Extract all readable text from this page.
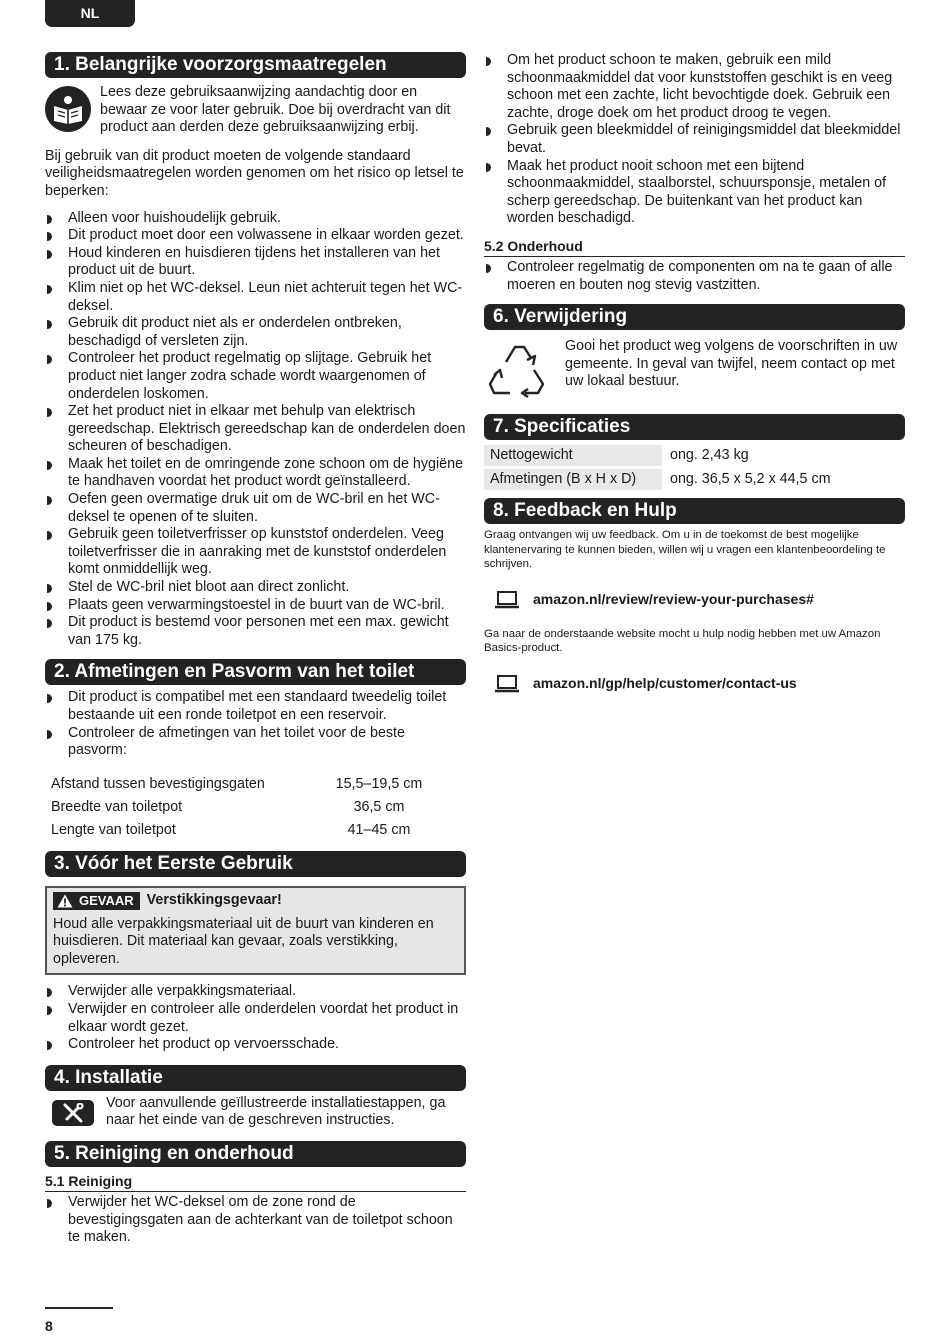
NL
1. Belangrijke voorzorgsmaatregelen
Lees deze gebruiksaanwijzing aandachtig door en bewaar ze voor later gebruik. Doe bij overdracht van dit product aan derden deze gebruiksaanwijzing erbij.
Bij gebruik van dit product moeten de volgende standaard veiligheidsmaatregelen worden genomen om het risico op letsel te beperken:
Alleen voor huishoudelijk gebruik.
Dit product moet door een volwassene in elkaar worden gezet.
Houd kinderen en huisdieren tijdens het installeren van het product uit de buurt.
Klim niet op het WC-deksel. Leun niet achteruit tegen het WC-deksel.
Gebruik dit product niet als er onderdelen ontbreken, beschadigd of versleten zijn.
Controleer het product regelmatig op slijtage. Gebruik het product niet langer zodra schade wordt waargenomen of onderdelen loskomen.
Zet het product niet in elkaar met behulp van elektrisch gereedschap. Elektrisch gereedschap kan de onderdelen doen scheuren of beschadigen.
Maak het toilet en de omringende zone schoon om de hygiëne te handhaven voordat het product wordt geïnstalleerd.
Oefen geen overmatige druk uit om de WC-bril en het WC-deksel te openen of te sluiten.
Gebruik geen toiletverfrisser op kunststof onderdelen. Veeg toiletverfrisser die in aanraking met de kunststof onderdelen komt onmiddellijk weg.
Stel de WC-bril niet bloot aan direct zonlicht.
Plaats geen verwarmingstoestel in de buurt van de WC-bril.
Dit product is bestemd voor personen met een max. gewicht van 175 kg.
2. Afmetingen en Pasvorm van het toilet
Dit product is compatibel met een standaard tweedelig toilet bestaande uit een ronde toiletpot en een reservoir.
Controleer de afmetingen van het toilet voor de beste pasvorm:
Afstand tussen bevestigingsgaten	15,5–19,5 cm
Breedte van toiletpot	36,5 cm
Lengte van toiletpot	41–45 cm
3. Vóór het Eerste Gebruik
GEVAAR Verstikkingsgevaar!
Houd alle verpakkingsmateriaal uit de buurt van kinderen en huisdieren. Dit materiaal kan gevaar, zoals verstikking, opleveren.
Verwijder alle verpakkingsmateriaal.
Verwijder en controleer alle onderdelen voordat het product in elkaar wordt gezet.
Controleer het product op vervoersschade.
4. Installatie
Voor aanvullende geïllustreerde installatiestappen, ga naar het einde van de geschreven instructies.
5. Reiniging en onderhoud
5.1 Reiniging
Verwijder het WC-deksel om de zone rond de bevestigingsgaten aan de achterkant van de toiletpot schoon te maken.
Om het product schoon te maken, gebruik een mild schoonmaakmiddel dat voor kunststoffen geschikt is en veeg schoon met een zachte, licht bevochtigde doek. Gebruik een zachte, droge doek om het product droog te vegen.
Gebruik geen bleekmiddel of reinigingsmiddel dat bleekmiddel bevat.
Maak het product nooit schoon met een bijtend schoonmaakmiddel, staalborstel, schuursponsje, metalen of scherp gereedschap. De buitenkant van het product kan worden beschadigd.
5.2 Onderhoud
Controleer regelmatig de componenten om na te gaan of alle moeren en bouten nog stevig vastzitten.
6. Verwijdering
Gooi het product weg volgens de voorschriften in uw gemeente. In geval van twijfel, neem contact op met uw lokaal bestuur.
7. Specificaties
Nettogewicht	ong. 2,43 kg
Afmetingen (B x H x D)	ong. 36,5 x 5,2 x 44,5 cm
8. Feedback en Hulp
Graag ontvangen wij uw feedback. Om u in de toekomst de best mogelijke klantenervaring te kunnen bieden, willen wij u vragen een klantenbeoordeling te schrijven.
amazon.nl/review/review-your-purchases#
Ga naar de onderstaande website mocht u hulp nodig hebben met uw Amazon Basics-product.
amazon.nl/gp/help/customer/contact-us
8
